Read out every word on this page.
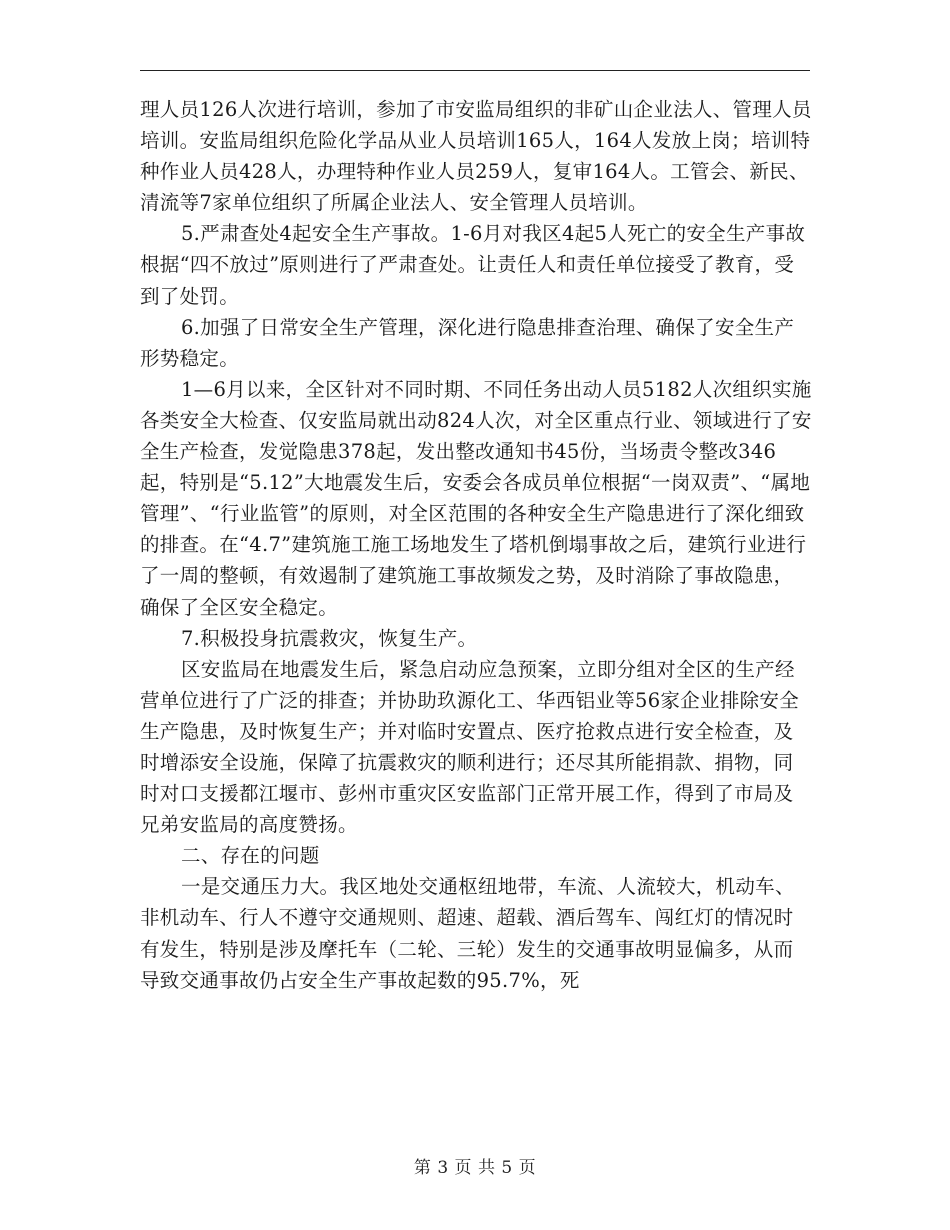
理人员126人次进行培训，参加了市安监局组织的非矿山企业法人、管理人员培训。安监局组织危险化学品从业人员培训165人，164人发放上岗；培训特种作业人员428人，办理特种作业人员259人，复审164人。工管会、新民、清流等7家单位组织了所属企业法人、安全管理人员培训。

5.严肃查处4起安全生产事故。1-6月对我区4起5人死亡的安全生产事故根据“四不放过”原则进行了严肃查处。让责任人和责任单位接受了教育，受到了处罚。

6.加强了日常安全生产管理，深化进行隐患排查治理、确保了安全生产形势稳定。

1—6月以来，全区针对不同时期、不同任务出动人员5182人次组织实施各类安全大检查、仅安监局就出动824人次，对全区重点行业、领域进行了安全生产检查，发觉隐患378起，发出整改通知书45份，当场责令整改346起，特别是“5.12”大地震发生后，安委会各成员单位根据“一岗双责”、“属地管理”、“行业监管”的原则，对全区范围的各种安全生产隐患进行了深化细致的排查。在“4.7”建筑施工施工场地发生了塔机倒塌事故之后，建筑行业进行了一周的整顿，有效遏制了建筑施工事故频发之势，及时消除了事故隐患，确保了全区安全稳定。

7.积极投身抗震救灾，恢复生产。

区安监局在地震发生后，紧急启动应急预案，立即分组对全区的生产经营单位进行了广泛的排查；并协助玖源化工、华西铝业等56家企业排除安全生产隐患，及时恢复生产；并对临时安置点、医疗抢救点进行安全检查，及时增添安全设施，保障了抗震救灾的顺利进行；还尽其所能捐款、捐物，同时对口支援都江堰市、彭州市重灾区安监部门正常开展工作，得到了市局及兄弟安监局的高度赞扬。

二、存在的问题

一是交通压力大。我区地处交通枢纽地带，车流、人流较大，机动车、非机动车、行人不遵守交通规则、超速、超载、酒后驾车、闯红灯的情况时有发生，特别是涉及摩托车（二轮、三轮）发生的交通事故明显偏多，从而导致交通事故仍占安全生产事故起数的95.7%，死

第 3 页 共 5 页
